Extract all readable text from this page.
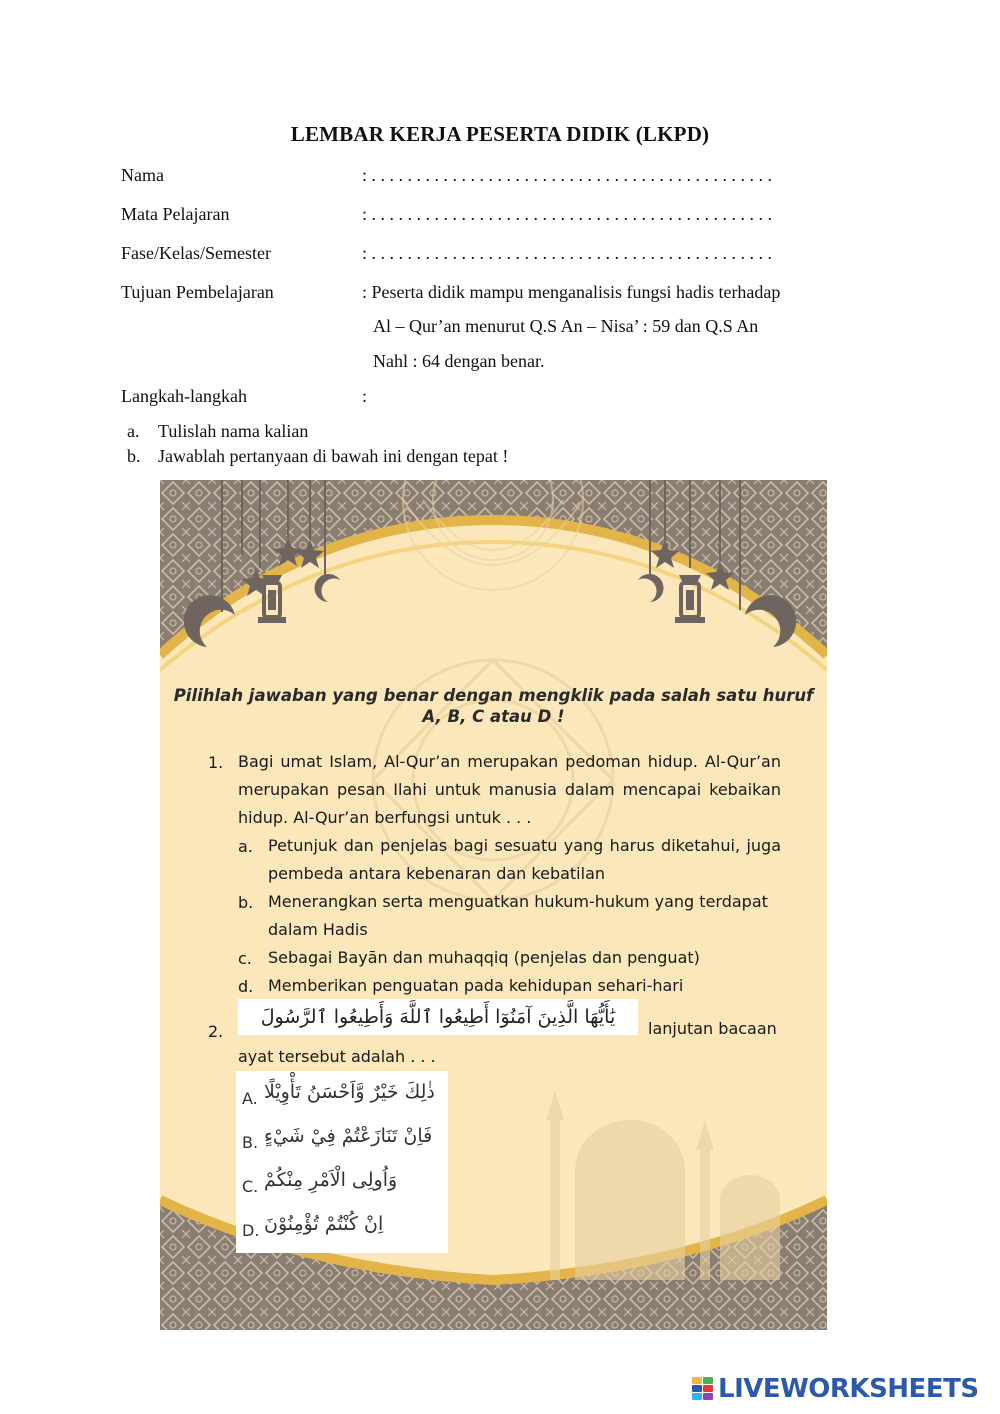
LEMBAR KERJA PESERTA DIDIK (LKPD)
Nama	: . . . . . . . . . . . . . . . . . . . . . . . . . . . . . . . . . . . . . . . . . . . . .
Mata Pelajaran	: . . . . . . . . . . . . . . . . . . . . . . . . . . . . . . . . . . . . . . . . . . . . .
Fase/Kelas/Semester	: . . . . . . . . . . . . . . . . . . . . . . . . . . . . . . . . . . . . . . . . . . . . .
Tujuan Pembelajaran	: Peserta didik mampu menganalisis fungsi hadis terhadap
Al – Qur’an menurut Q.S An – Nisa’ : 59 dan Q.S An
Nahl : 64 dengan benar.
Langkah-langkah	:
a. Tulislah nama kalian
b. Jawablah pertanyaan di bawah ini dengan tepat !
Pilihlah jawaban yang benar dengan mengklik pada salah satu huruf
A, B, C atau D !
1. Bagi umat Islam, Al-Qur’an merupakan pedoman hidup. Al-Qur’an merupakan pesan Ilahi untuk manusia dalam mencapai kebaikan hidup. Al-Qur’an berfungsi untuk . . .
a. Petunjuk dan penjelas bagi sesuatu yang harus diketahui, juga pembeda antara kebenaran dan kebatilan
b. Menerangkan serta menguatkan hukum-hukum yang terdapat dalam Hadis
c. Sebagai Bayān dan muhaqqiq (penjelas dan penguat)
d. Memberikan penguatan pada kehidupan sehari-hari
2.
يَٰأَيُّهَا الَّذِينَ آمَنُوٓا أَطِيعُوا ٱللَّهَ وَأَطِيعُوا ٱلرَّسُولَ
lanjutan bacaan
ayat tersebut adalah . . .
A. ذٰلِكَ خَيْرٌ وَّاَحْسَنُ تَأْوِيْلًا
B. فَاِنْ تَنَازَعْتُمْ فِيْ شَيْءٍ
C. وَاُولِى الْاَمْرِ مِنْكُمْ
D. اِنْ كُنْتُمْ تُؤْمِنُوْنَ
LIVEWORKSHEETS
